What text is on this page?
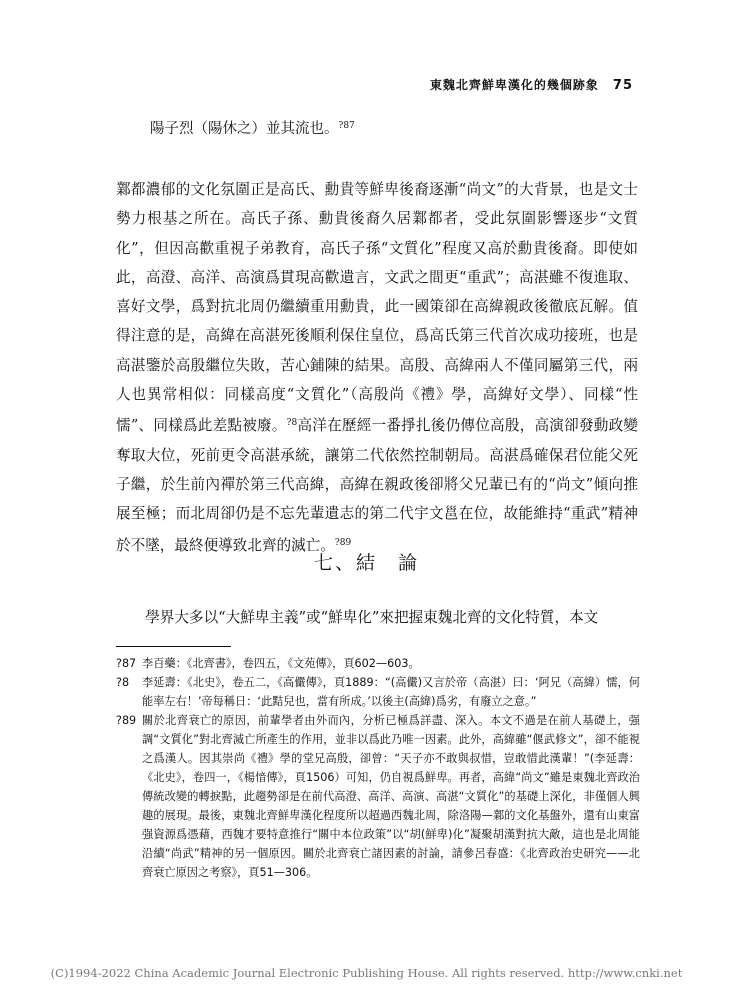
東魏北齊鮮卑漢化的幾個跡象 75
陽子烈（陽休之）並其流也。$^{?87}$

鄴都濃郁的文化氛圍正是高氏、勳貴等鮮卑後裔逐漸“尚文”的大背景，也是文士勢力根基之所在。高氏子孫、勳貴後裔久居鄴都者，受此氛圍影響逐步“文質化”，但因高歡重視子弟教育，高氏子孫“文質化”程度又高於勳貴後裔。即使如此，高澄、高洋、高演爲貫現高歡遺言，文武之間更“重武”；高湛雖不復進取、喜好文學，爲對抗北周仍繼續重用勳貴，此一國策卻在高緯親政後徹底瓦解。值得注意的是，高緯在高湛死後順利保住皇位，爲高氏第三代首次成功接班，也是高湛鑒於高殷繼位失敗，苦心鋪陳的結果。高殷、高緯兩人不僅同屬第三代，兩人也異常相似：同樣高度“文質化”（高殷尚《禮》學，高緯好文學）、同樣“性懦”、同樣爲此差點被廢。$^{?8}$高洋在歷經一番掙扎後仍傳位高殷，高演卻發動政變奪取大位，死前更令高湛承統，讓第二代依然控制朝局。高湛爲確保君位能父死子繼，於生前內禪於第三代高緯，高緯在親政後卻將父兄輩已有的“尚文”傾向推展至極；而北周卻仍是不忘先輩遺志的第二代宇文邕在位，故能維持“重武”精神於不墜，最終便導致北齊的滅亡。$^{?89}$

七、結　論

學界大多以“大鮮卑主義”或“鮮卑化”來把握東魏北齊的文化特質，本文

?87 李百藥：《北齊書》，卷四五，《文苑傳》，頁602—603。
?8 李延壽：《北史》，卷五二，《高儼傳》，頁1889：“(高儼)又言於帝（高湛）曰：‘阿兄（高緯）懦，何能率左右！’帝每稱日：‘此黠兒也，當有所成。’以後主(高緯)爲劣，有廢立之意。”
?89 關於北齊衰亡的原因，前輩學者由外而內，分析已極爲詳盡、深入。本文不過是在前人基礎上，强調“文質化”對北齊滅亡所產生的作用，並非以爲此乃唯一因素。此外，高緯雖“偃武修文”，卻不能視之爲漢人。因其崇尚《禮》學的堂兄高殷，卻曾：“天子亦不敢與叔惜，豈敢惜此漢輩！”(李延壽：《北史》，卷四一，《楊愔傳》，頁1506）可知，仍自視爲鮮卑。再者，高緯“尚文”雖是東魏北齊政治傳統改變的轉捩點，此趨勢卻是在前代高澄、高洋、高演、高湛“文質化”的基礎上深化，非僅個人興趣的展現。最後，東魏北齊鮮卑漢化程度所以超過西魏北周，除洛陽—鄴的文化基盤外，還有山東富强資源爲憑藉，西魏才要特意推行“關中本位政策”以“胡(鮮卑)化”凝聚胡漢對抗大敵，這也是北周能沿續“尚武”精神的另一個原因。關於北齊衰亡諸因素的討論，請參呂春盛：《北齊政治史研究——北齊衰亡原因之考察》，頁51—306。
(C)1994-2022 China Academic Journal Electronic Publishing House. All rights reserved. http://www.cnki.net
